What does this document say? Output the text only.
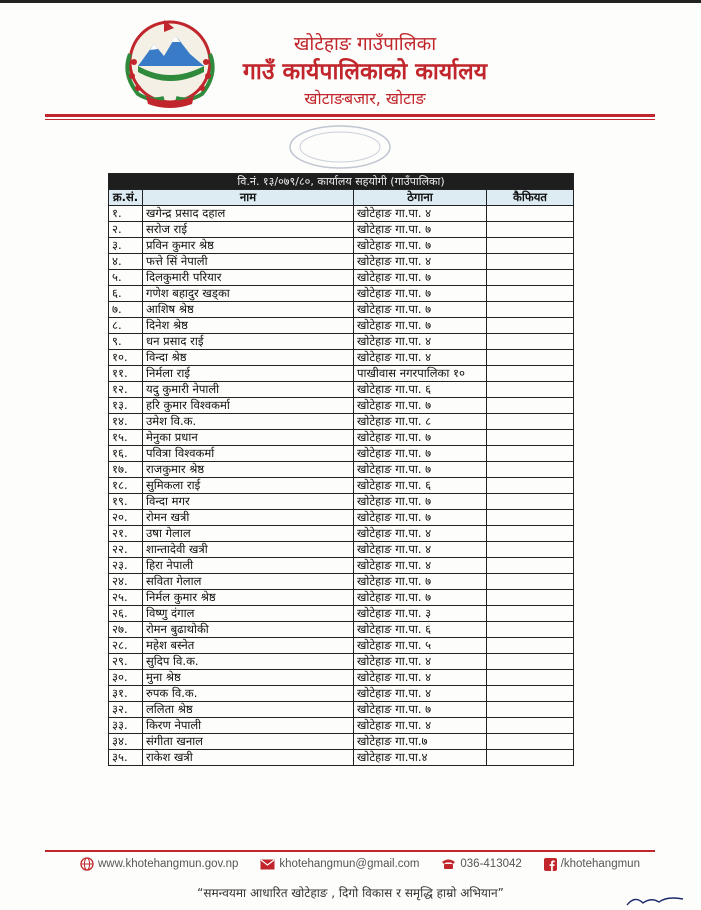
खोटेहाङ गाउँपालिका
गाउँ कार्यपालिकाको कार्यालय
खोटाङबजार, खोटाङ
वि.नं. १३/०७९/८०, कार्यालय सहयोगी (गाउँपालिका)			
क्र.सं.	नाम	ठेगाना	कैफियत
१.	खगेन्द्र प्रसाद दहाल	खोटेहाङ गा.पा. ४	
२.	सरोज राई	खोटेहाङ गा.पा. ७	
३.	प्रविन कुमार श्रेष्ठ	खोटेहाङ गा.पा. ७	
४.	फत्ते सिं नेपाली	खोटेहाङ गा.पा. ४	
५.	दिलकुमारी परियार	खोटेहाङ गा.पा. ७	
६.	गणेश बहादुर खड्का	खोटेहाङ गा.पा. ७	
७.	आशिष श्रेष्ठ	खोटेहाङ गा.पा. ७	
८.	दिनेश श्रेष्ठ	खोटेहाङ गा.पा. ७	
९.	धन प्रसाद राई	खोटेहाङ गा.पा. ४	
१०.	विन्दा श्रेष्ठ	खोटेहाङ गा.पा. ४	
११.	निर्मला राई	पाखीवास नगरपालिका १०	
१२.	यदु कुमारी नेपाली	खोटेहाङ गा.पा. ६	
१३.	हरि कुमार विश्वकर्मा	खोटेहाङ गा.पा. ७	
१४.	उमेश वि.क.	खोटेहाङ गा.पा. ८	
१५.	मेनुका प्रधान	खोटेहाङ गा.पा. ७	
१६.	पवित्रा विश्वकर्मा	खोटेहाङ गा.पा. ७	
१७.	राजकुमार श्रेष्ठ	खोटेहाङ गा.पा. ७	
१८.	सुमिकला राई	खोटेहाङ गा.पा. ६	
१९.	विन्दा मगर	खोटेहाङ गा.पा. ७	
२०.	रोमन खत्री	खोटेहाङ गा.पा. ७	
२१.	उषा गेलाल	खोटेहाङ गा.पा. ४	
२२.	शान्तादेवी खत्री	खोटेहाङ गा.पा. ४	
२३.	हिरा नेपाली	खोटेहाङ गा.पा. ४	
२४.	सविता गेलाल	खोटेहाङ गा.पा. ७	
२५.	निर्मल कुमार श्रेष्ठ	खोटेहाङ गा.पा. ७	
२६.	विष्णु दंगाल	खोटेहाङ गा.पा. ३	
२७.	रोमन बुढाथोकी	खोटेहाङ गा.पा. ६	
२८.	महेश बस्नेत	खोटेहाङ गा.पा. ५	
२९.	सुदिप वि.क.	खोटेहाङ गा.पा. ४	
३०.	मुना श्रेष्ठ	खोटेहाङ गा.पा. ४	
३१.	रुपक वि.क.	खोटेहाङ गा.पा. ४	
३२.	ललिता श्रेष्ठ	खोटेहाङ गा.पा. ७	
३३.	किरण नेपाली	खोटेहाङ गा.पा. ४	
३४.	संगीता खनाल	खोटेहाङ गा.पा.७	
३५.	राकेश खत्री	खोटेहाङ गा.पा.४	
www.khotehangmun.gov.np	khotehangmun@gmail.com	036-413042	/khotehangmun
“समन्वयमा आधारित खोटेहाङ , दिगो विकास र समृद्धि हाम्रो अभियान”
